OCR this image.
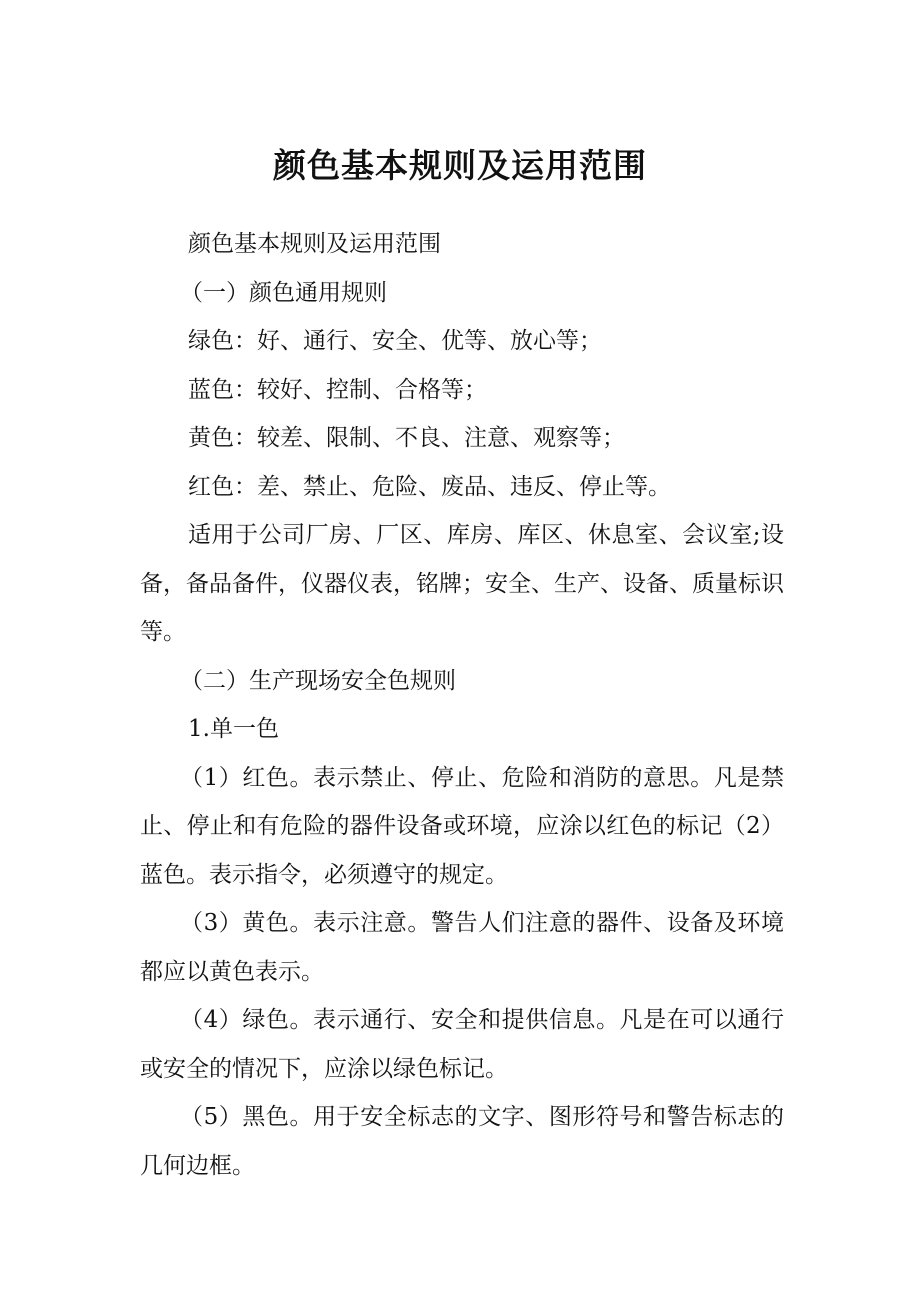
颜色基本规则及运用范围

颜色基本规则及运用范围

（一）颜色通用规则

绿色：好、通行、安全、优等、放心等；

蓝色：较好、控制、合格等；

黄色：较差、限制、不良、注意、观察等；

红色：差、禁止、危险、废品、违反、停止等。

适用于公司厂房、厂区、库房、库区、休息室、会议室;设备，备品备件，仪器仪表，铭牌；安全、生产、设备、质量标识等。

（二）生产现场安全色规则

1.单一色

（1）红色。表示禁止、停止、危险和消防的意思。凡是禁止、停止和有危险的器件设备或环境，应涂以红色的标记（2）蓝色。表示指令，必须遵守的规定。

（3）黄色。表示注意。警告人们注意的器件、设备及环境都应以黄色表示。

（4）绿色。表示通行、安全和提供信息。凡是在可以通行或安全的情况下，应涂以绿色标记。

（5）黑色。用于安全标志的文字、图形符号和警告标志的几何边框。
